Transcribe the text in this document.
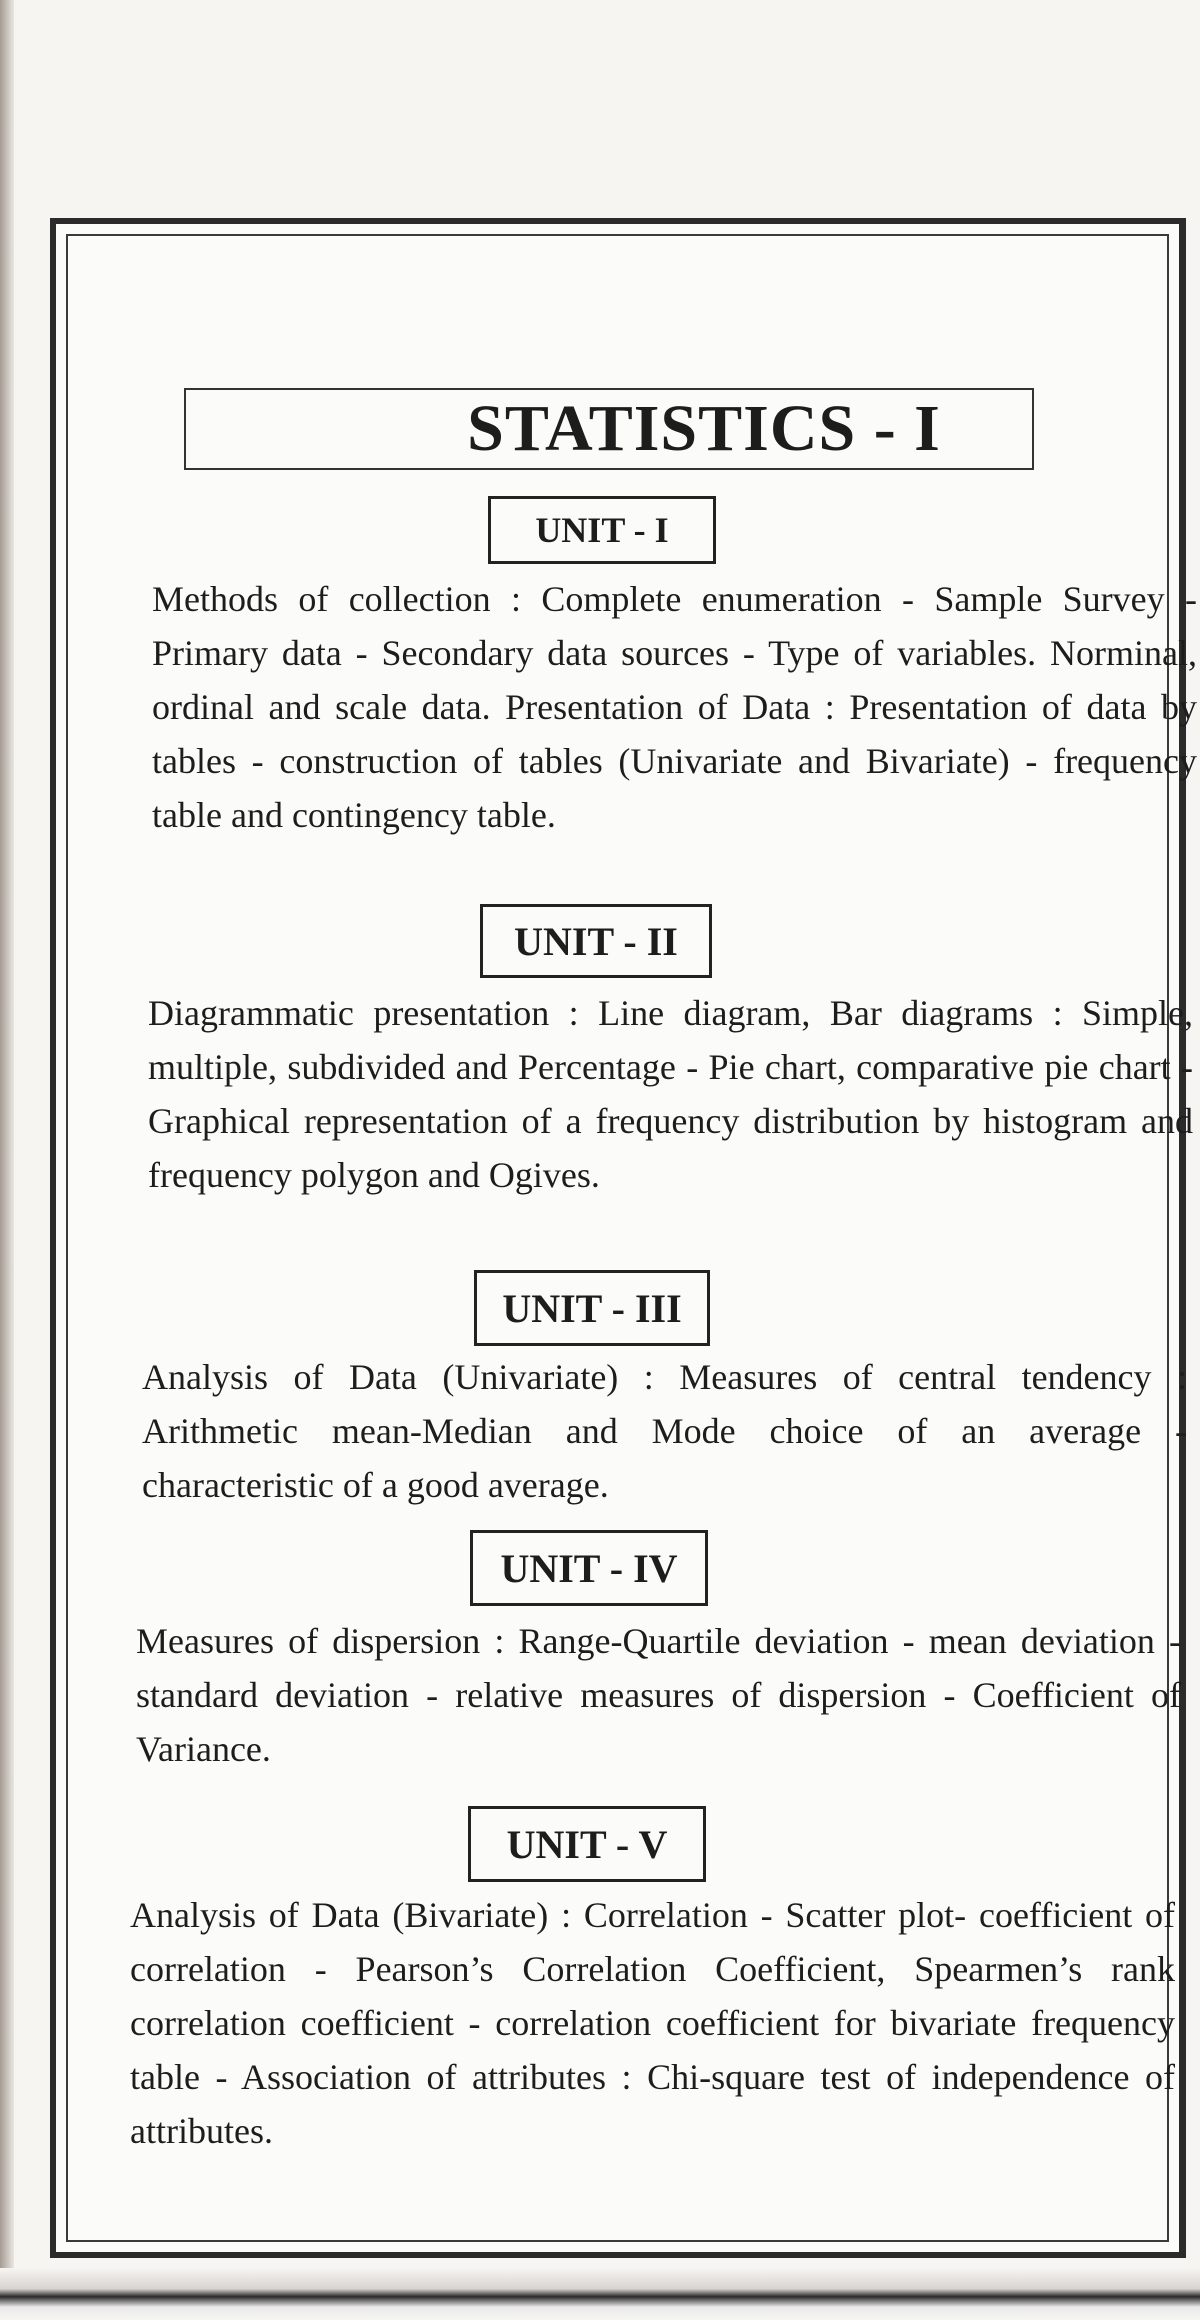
STATISTICS - I
UNIT - I
Methods of collection : Complete enumeration - Sample Survey - Primary data - Secondary data sources - Type of variables. Norminal, ordinal and scale data. Presentation of Data : Presentation of data by tables - construction of tables (Univariate and Bivariate) - frequency table and contingency table.
UNIT - II
Diagrammatic presentation : Line diagram, Bar diagrams : Simple, multiple, subdivided and Percentage - Pie chart, comparative pie chart - Graphical representation of a frequency distribution by histogram and frequency polygon and Ogives.
UNIT - III
Analysis of Data (Univariate) : Measures of central tendency : Arithmetic mean-Median and Mode choice of an average - characteristic of a good average.
UNIT - IV
Measures of dispersion : Range-Quartile deviation - mean deviation - standard deviation - relative measures of dispersion - Coefficient of Variance.
UNIT - V
Analysis of Data (Bivariate) : Correlation - Scatter plot- coefficient of correlation - Pearson’s Correlation Coefficient, Spearmen’s rank correlation coefficient - correlation coefficient for bivariate frequency table - Association of attributes : Chi-square test of independence of attributes.
